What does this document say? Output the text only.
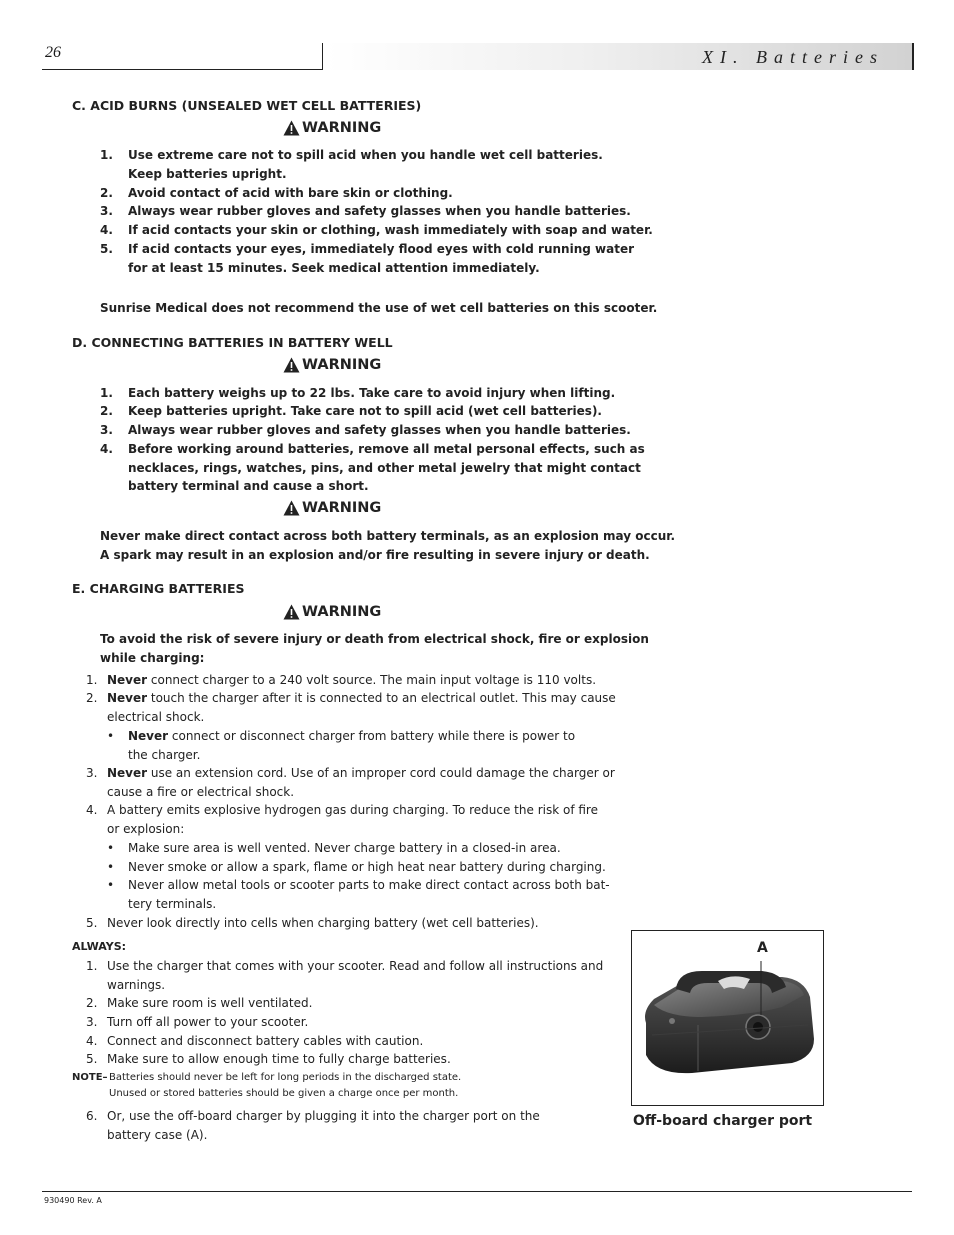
26	XI. Batteries
C. ACID BURNS (UNSEALED WET CELL BATTERIES)
WARNING
1. Use extreme care not to spill acid when you handle wet cell batteries.
Keep batteries upright.
2. Avoid contact of acid with bare skin or clothing.
3. Always wear rubber gloves and safety glasses when you handle batteries.
4. If acid contacts your skin or clothing, wash immediately with soap and water.
5. If acid contacts your eyes, immediately flood eyes with cold running water
for at least 15 minutes. Seek medical attention immediately.
Sunrise Medical does not recommend the use of wet cell batteries on this scooter.
D. CONNECTING BATTERIES IN BATTERY WELL
WARNING
1. Each battery weighs up to 22 lbs. Take care to avoid injury when lifting.
2. Keep batteries upright. Take care not to spill acid (wet cell batteries).
3. Always wear rubber gloves and safety glasses when you handle batteries.
4. Before working around batteries, remove all metal personal effects, such as
necklaces, rings, watches, pins, and other metal jewelry that might contact
battery terminal and cause a short.
WARNING
Never make direct contact across both battery terminals, as an explosion may occur.
A spark may result in an explosion and/or fire resulting in severe injury or death.
E. CHARGING BATTERIES
WARNING
To avoid the risk of severe injury or death from electrical shock, fire or explosion
while charging:
1. Never connect charger to a 240 volt source. The main input voltage is 110 volts.
2. Never touch the charger after it is connected to an electrical outlet. This may cause
electrical shock.
• Never connect or disconnect charger from battery while there is power to
the charger.
3. Never use an extension cord. Use of an improper cord could damage the charger or
cause a fire or electrical shock.
4. A battery emits explosive hydrogen gas during charging. To reduce the risk of fire
or explosion:
• Make sure area is well vented. Never charge battery in a closed-in area.
• Never smoke or allow a spark, flame or high heat near battery during charging.
• Never allow metal tools or scooter parts to make direct contact across both bat-
tery terminals.
5. Never look directly into cells when charging battery (wet cell batteries).
ALWAYS:
1. Use the charger that comes with your scooter. Read and follow all instructions and
warnings.
2. Make sure room is well ventilated.
3. Turn off all power to your scooter.
4. Connect and disconnect battery cables with caution.
5. Make sure to allow enough time to fully charge batteries.
NOTE– Batteries should never be left for long periods in the discharged state.
Unused or stored batteries should be given a charge once per month.
6. Or, use the off-board charger by plugging it into the charger port on the
battery case (A).
A
Off-board charger port
930490 Rev. A
